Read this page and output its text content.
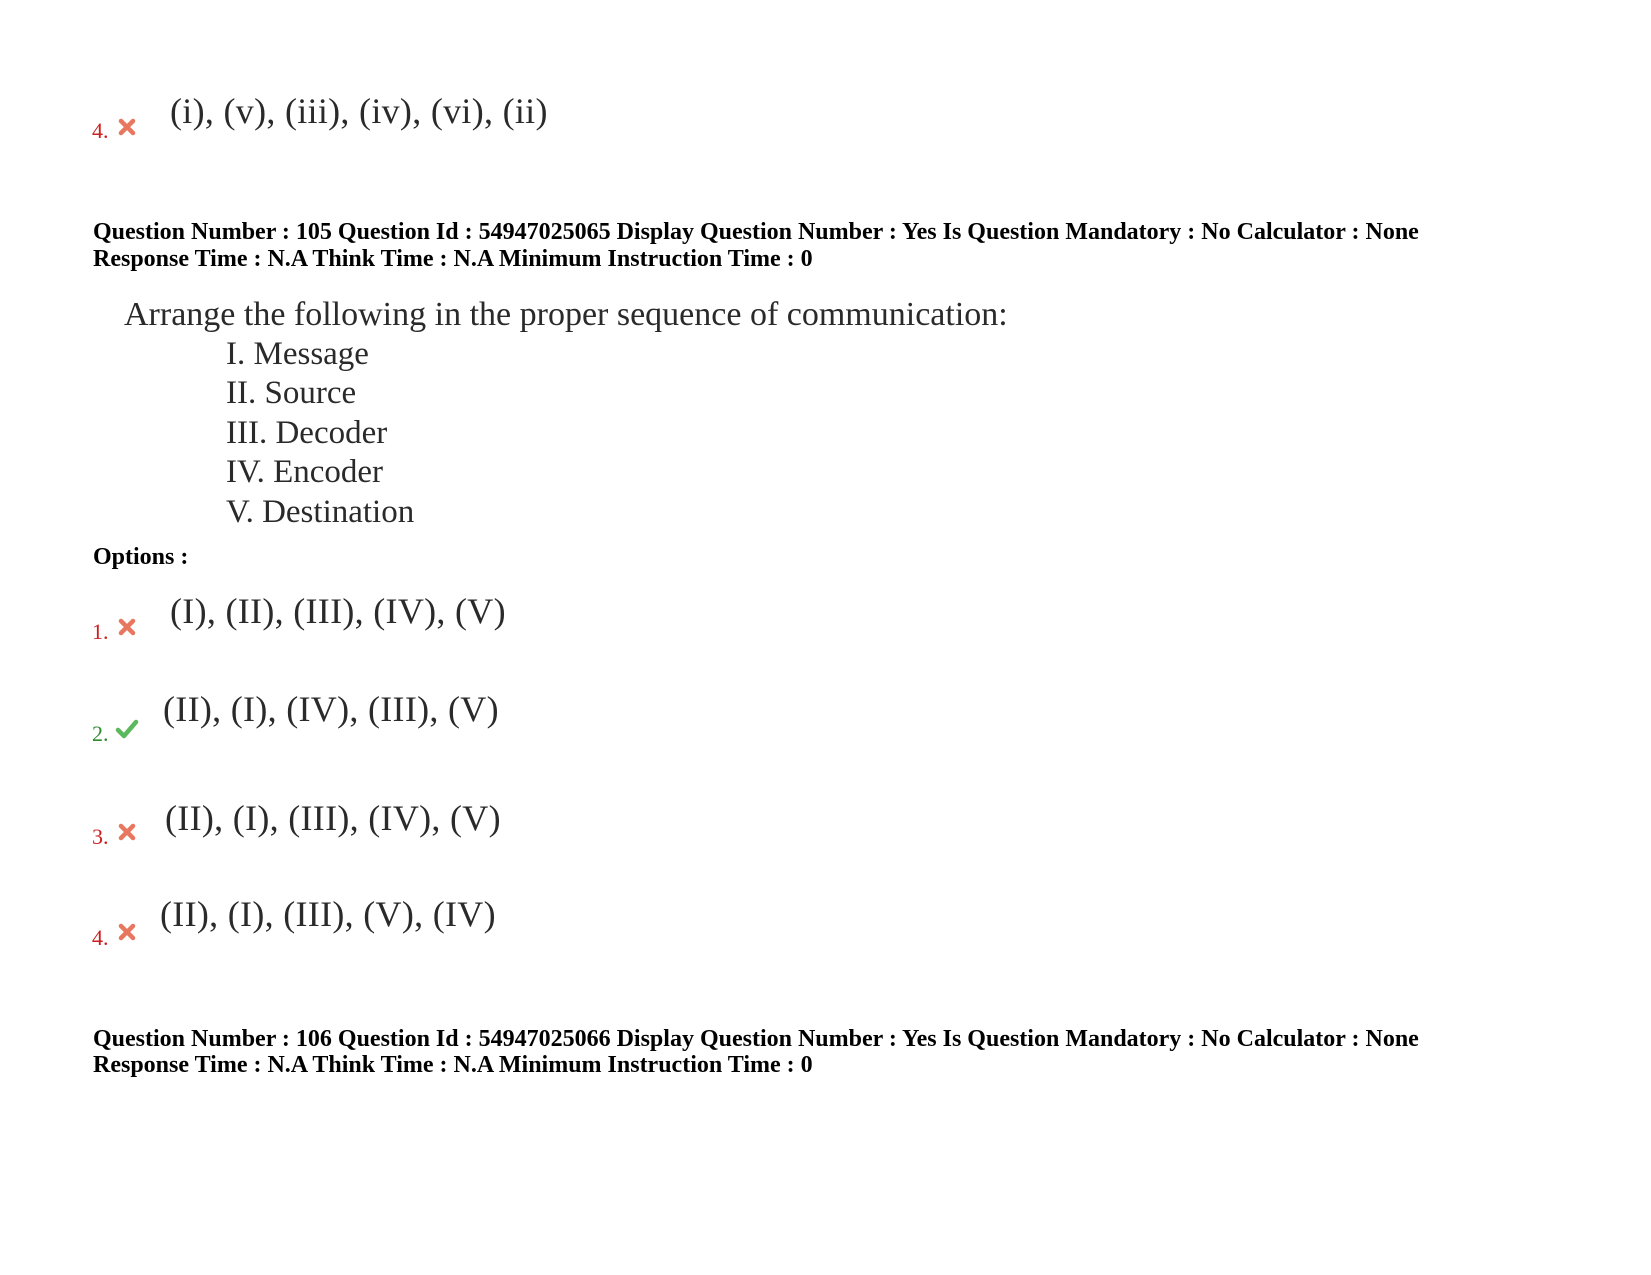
4. (i), (v), (iii), (iv), (vi), (ii)
Question Number : 105 Question Id : 54947025065 Display Question Number : Yes Is Question Mandatory : No Calculator : None
Response Time : N.A Think Time : N.A Minimum Instruction Time : 0
Arrange the following in the proper sequence of communication:
I. Message
II. Source
III. Decoder
IV. Encoder
V. Destination
Options :
1.
(I), (II), (III), (IV), (V)
2.
(II), (I), (IV), (III), (V)
3. (II), (I), (III), (IV), (V)
4.
(II), (I), (III), (V), (IV)
Question Number : 106 Question Id : 54947025066 Display Question Number : Yes Is Question Mandatory : No Calculator : None
Response Time : N.A Think Time : N.A Minimum Instruction Time : 0
